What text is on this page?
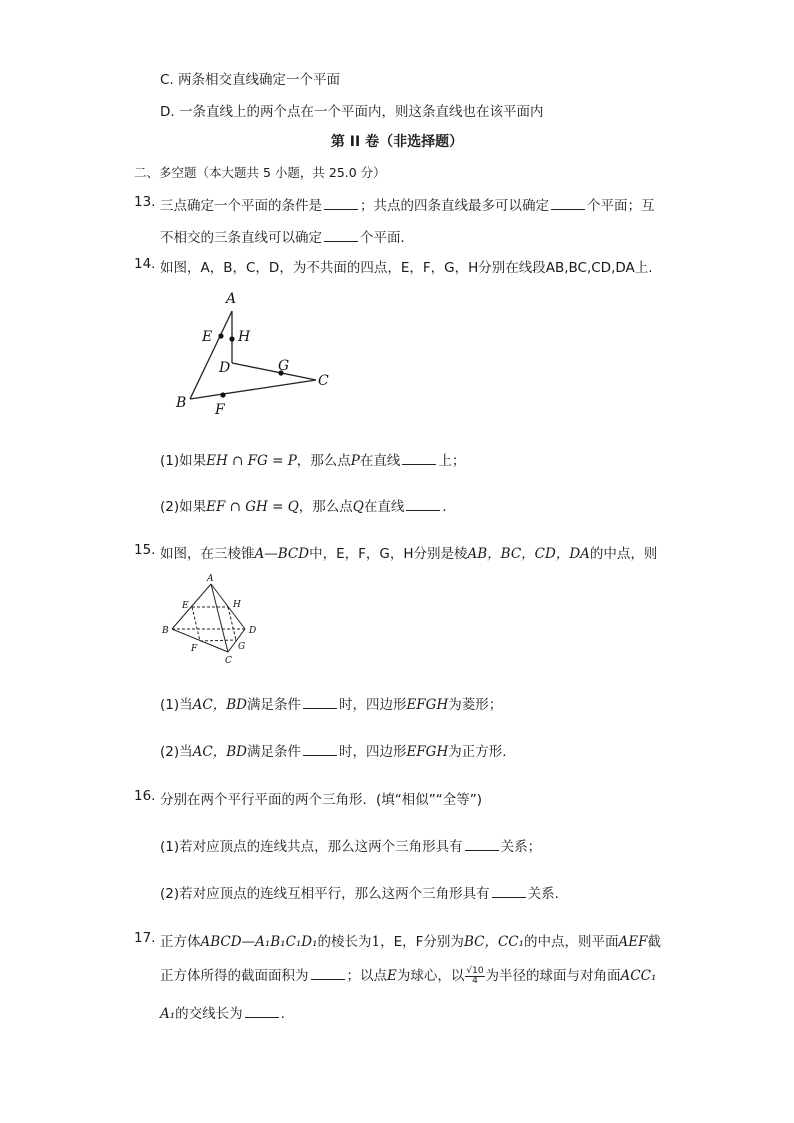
C. 两条相交直线确定一个平面
D. 一条直线上的两个点在一个平面内，则这条直线也在该平面内
第 II 卷（非选择题）
二、多空题（本大题共 5 小题，共 25.0 分）
13. 三点确定一个平面的条件是	；共点的四条直线最多可以确定	个平面；互
不相交的三条直线可以确定	个平面．
14. 如图，A，B，C，D，为不共面的四点，E，F，G，H分别在线段AB,BC,CD,DA上.
A
E H
D	G
C
B F
(1)如果EH ∩ FG = P，那么点P在直线	上；
(2)如果EF ∩ GH = Q，那么点Q在直线	.
15. 如图，在三棱锥A—BCD中，E，F，G，H分别是棱AB，BC，CD，DA的中点，则
A
E	H
B	D
F	G
C
(1)当AC，BD满足条件	时，四边形EFGH为菱形；
(2)当AC，BD满足条件	时，四边形EFGH为正方形.
16. 分别在两个平行平面的两个三角形．(填“相似”“全等”)
(1)若对应顶点的连线共点，那么这两个三角形具有	关系；
(2)若对应顶点的连线互相平行，那么这两个三角形具有	关系．
17. 正方体ABCD—A₁B₁C₁D₁的棱长为1，E，F分别为BC，CC₁的中点，则平面AEF截
正方体所得的截面面积为	；以点E为球心，以 $\frac{√10}{4}$ 为半径的球面与对角面ACC₁
A₁的交线长为	.
